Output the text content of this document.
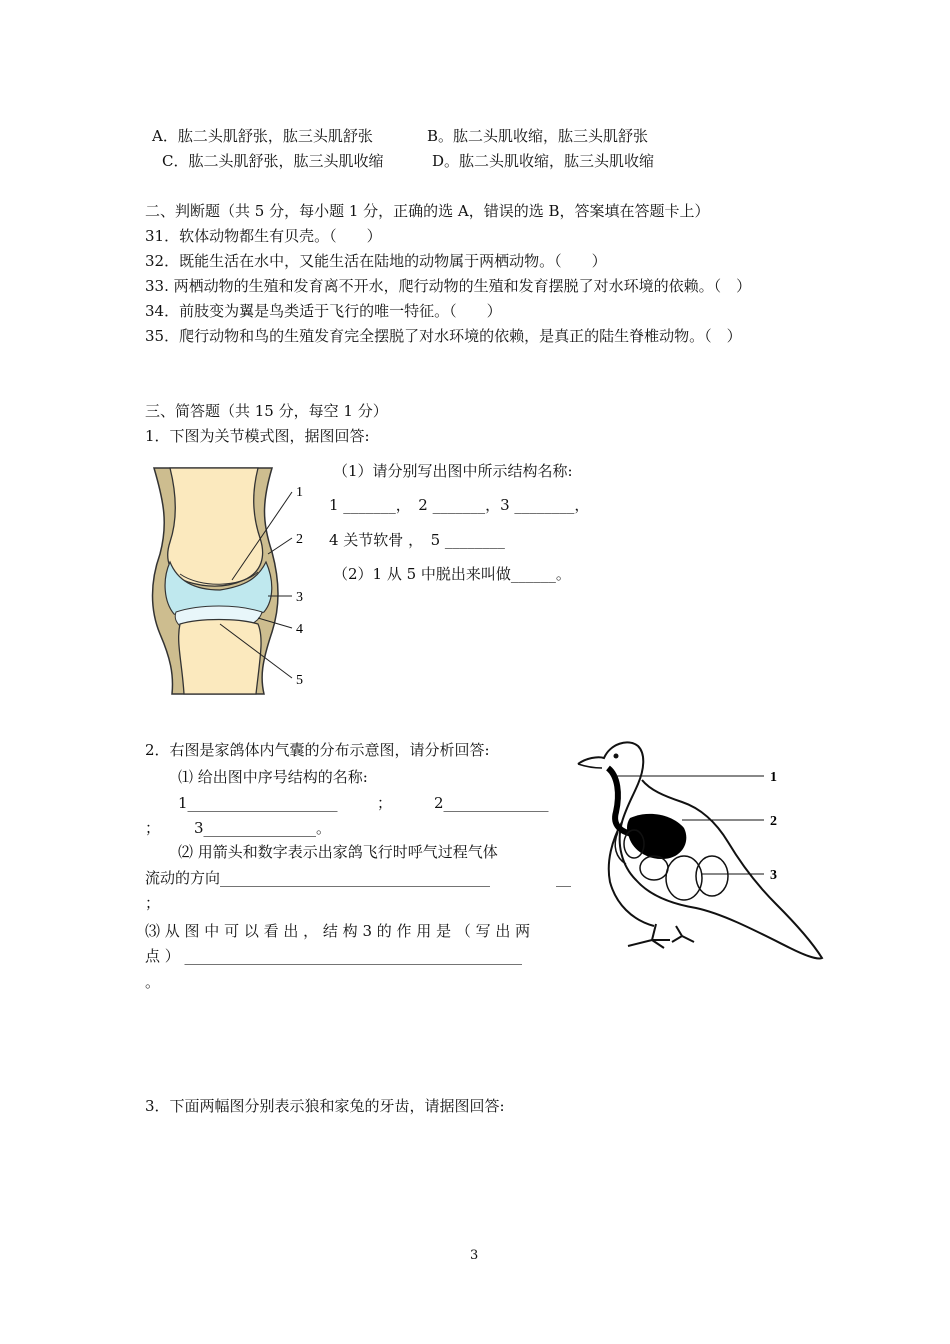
A．肱二头肌舒张，肱三头肌舒张	B。肱二头肌收缩，肱三头肌舒张
C．肱二头肌舒张，肱三头肌收缩	D。肱二头肌收缩，肱三头肌收缩
二、判断题（共 5 分，每小题 1 分，正确的选 A，错误的选 B，答案填在答题卡上）
31．软体动物都生有贝壳。（　　）
32．既能生活在水中，又能生活在陆地的动物属于两栖动物。（　　）
33. 两栖动物的生殖和发育离不开水，爬行动物的生殖和发育摆脱了对水环境的依赖。（　）
34．前肢变为翼是鸟类适于飞行的唯一特征。（　　）
35．爬行动物和鸟的生殖发育完全摆脱了对水环境的依赖，是真正的陆生脊椎动物。（　）
三、简答题（共 15 分，每空 1 分）
1．下图为关节模式图，据图回答:
1
2
3
4
5
（1）请分别写出图中所示结构名称:
1 _______，　2 _______，3 ________，
4 关节软骨 ，　5 ________
（2）1 从 5 中脱出来叫做______。
2．右图是家鸽体内气囊的分布示意图，请分析回答:
⑴ 给出图中序号结构的名称:
1____________________	；	2______________
； 3_______________。
⑵ 用箭头和数字表示出家鸽飞行时呼气过程气体
流动的方向____________________________________	__
；
⑶ 从 图 中 可 以 看 出 ， 结 构 3 的 作 用 是 （ 写 出 两
点 ） _____________________________________________
。
1
2
3
3．下面两幅图分别表示狼和家兔的牙齿，请据图回答:
3
